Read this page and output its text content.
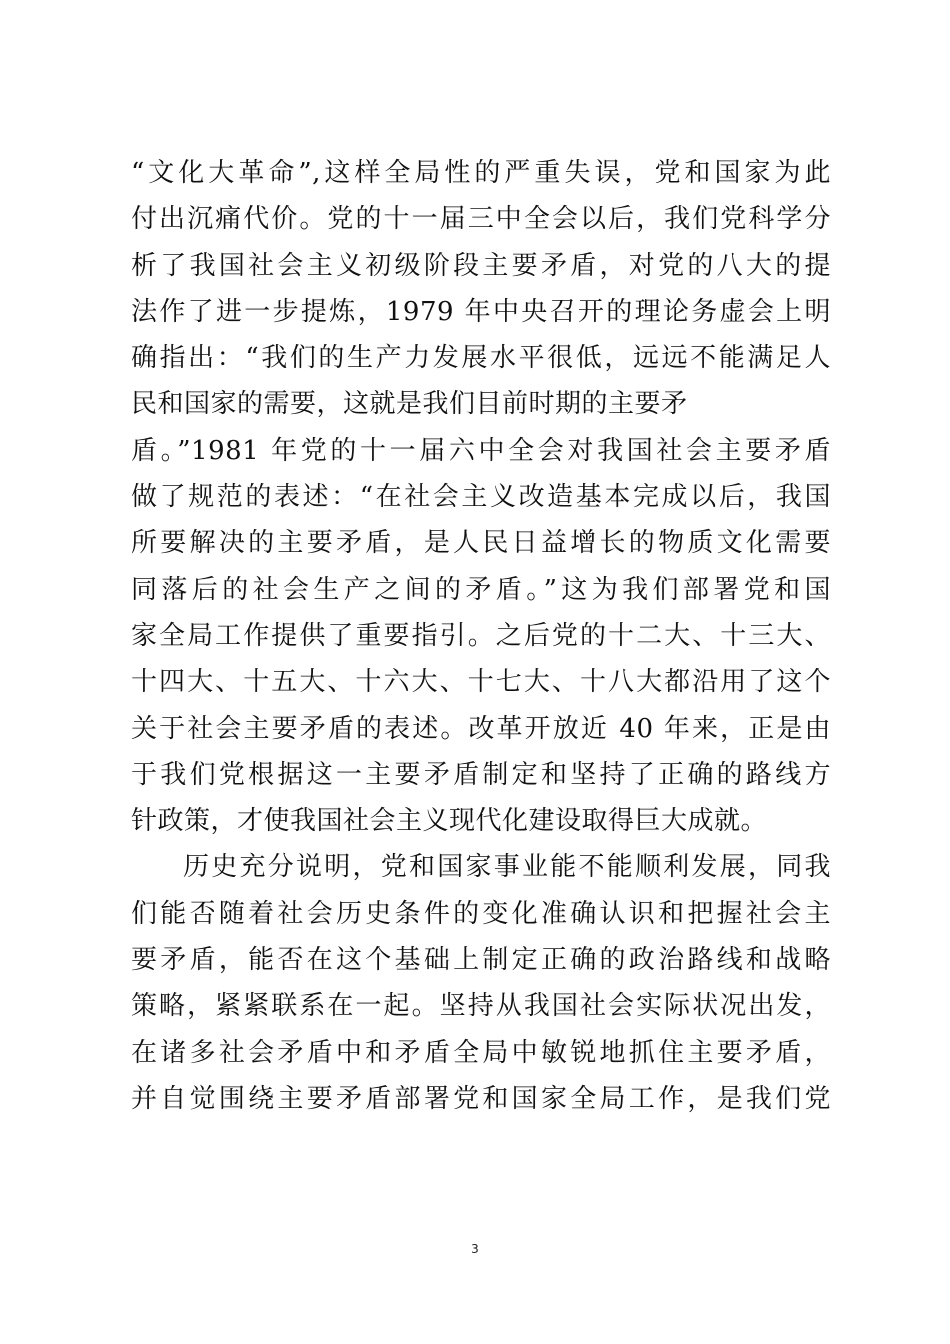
“文化大革命”,这样全局性的严重失误，党和国家为此
付出沉痛代价。党的十一届三中全会以后，我们党科学分
析了我国社会主义初级阶段主要矛盾，对党的八大的提
法作了进一步提炼，1979 年中央召开的理论务虚会上明
确指出：“我们的生产力发展水平很低，远远不能满足人
民和国家的需要，这就是我们目前时期的主要矛
盾。”1981 年党的十一届六中全会对我国社会主要矛盾
做了规范的表述：“在社会主义改造基本完成以后，我国
所要解决的主要矛盾，是人民日益增长的物质文化需要
同落后的社会生产之间的矛盾。”这为我们部署党和国
家全局工作提供了重要指引。之后党的十二大、十三大、
十四大、十五大、十六大、十七大、十八大都沿用了这个
关于社会主要矛盾的表述。改革开放近 40 年来，正是由
于我们党根据这一主要矛盾制定和坚持了正确的路线方
针政策，才使我国社会主义现代化建设取得巨大成就。
历史充分说明，党和国家事业能不能顺利发展，同我
们能否随着社会历史条件的变化准确认识和把握社会主
要矛盾，能否在这个基础上制定正确的政治路线和战略
策略，紧紧联系在一起。坚持从我国社会实际状况出发，
在诸多社会矛盾中和矛盾全局中敏锐地抓住主要矛盾，
并自觉围绕主要矛盾部署党和国家全局工作，是我们党
3
